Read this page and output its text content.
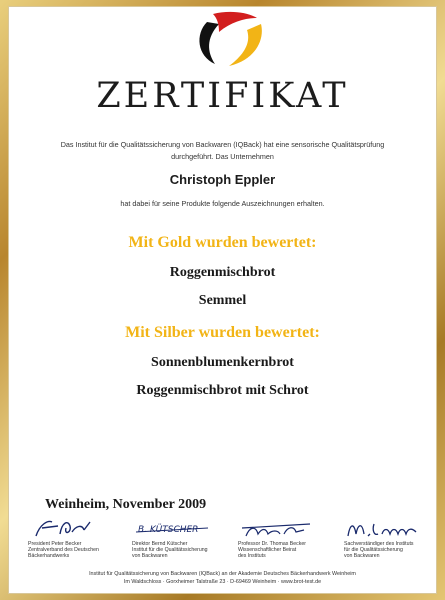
ZERTIFIKAT
Das Institut für die Qualitätssicherung von Backwaren (IQBack) hat eine sensorische Qualitätsprüfung
durchgeführt. Das Unternehmen
Christoph Eppler
hat dabei für seine Produkte folgende Auszeichnungen erhalten.
Mit Gold wurden bewertet:
Roggenmischbrot
Semmel
Mit Silber wurden bewertet:
Sonnenblumenkernbrot
Roggenmischbrot mit Schrot
Weinheim, November 2009
President Peter Becker
Zentralverband des Deutschen
Bäckerhandwerks
B. KÜTSCHER
Direktor Bernd Kütscher
Institut für die Qualitätssicherung
von Backwaren
Professor Dr. Thomas Becker
Wissenschaftlicher Beirat
des Instituts
Sachverständiger des Instituts
für die Qualitätssicherung
von Backwaren
Institut für Qualitätssicherung von Backwaren (IQBack) an der Akademie Deutsches Bäckerhandwerk Weinheim
Im Waldschloss · Gorxheimer Talstraße 23 · D-69469 Weinheim · www.brot-test.de
